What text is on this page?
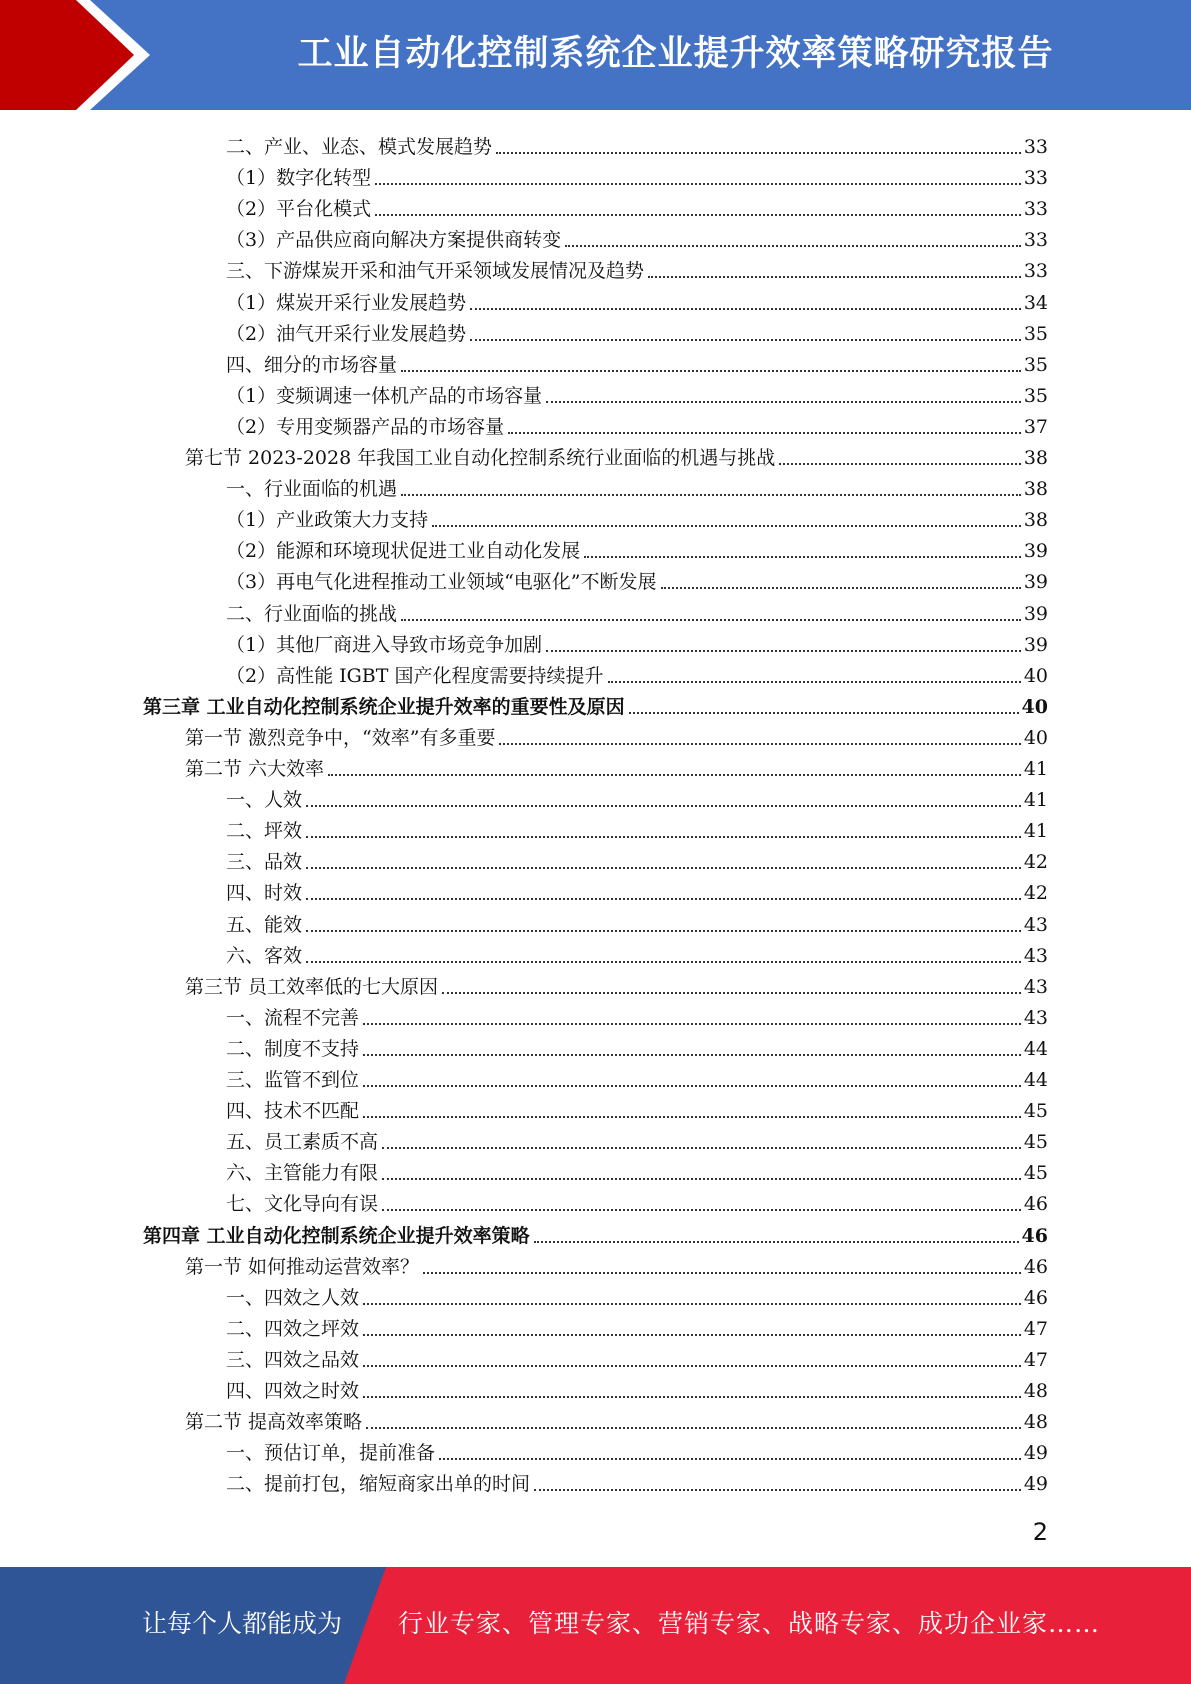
工业自动化控制系统企业提升效率策略研究报告
二、产业、业态、模式发展趋势	33
（1）数字化转型	33
（2）平台化模式	33
（3）产品供应商向解决方案提供商转变	33
三、下游煤炭开采和油气开采领域发展情况及趋势	33
（1）煤炭开采行业发展趋势	34
（2）油气开采行业发展趋势	35
四、细分的市场容量	35
（1）变频调速一体机产品的市场容量	35
（2）专用变频器产品的市场容量	37
第七节 2023-2028 年我国工业自动化控制系统行业面临的机遇与挑战	38
一、行业面临的机遇	38
（1）产业政策大力支持	38
（2）能源和环境现状促进工业自动化发展	39
（3）再电气化进程推动工业领域“电驱化”不断发展	39
二、行业面临的挑战	39
（1）其他厂商进入导致市场竞争加剧	39
（2）高性能 IGBT 国产化程度需要持续提升	40
第三章 工业自动化控制系统企业提升效率的重要性及原因	40
第一节 激烈竞争中，“效率”有多重要	40
第二节 六大效率	41
一、人效	41
二、坪效	41
三、品效	42
四、时效	42
五、能效	43
六、客效	43
第三节 员工效率低的七大原因	43
一、流程不完善	43
二、制度不支持	44
三、监管不到位	44
四、技术不匹配	45
五、员工素质不高	45
六、主管能力有限	45
七、文化导向有误	46
第四章 工业自动化控制系统企业提升效率策略	46
第一节 如何推动运营效率？	46
一、四效之人效	46
二、四效之坪效	47
三、四效之品效	47
四、四效之时效	48
第二节 提高效率策略	48
一、预估订单，提前准备	49
二、提前打包，缩短商家出单的时间	49
2
让每个人都能成为 行业专家、管理专家、营销专家、战略专家、成功企业家……
